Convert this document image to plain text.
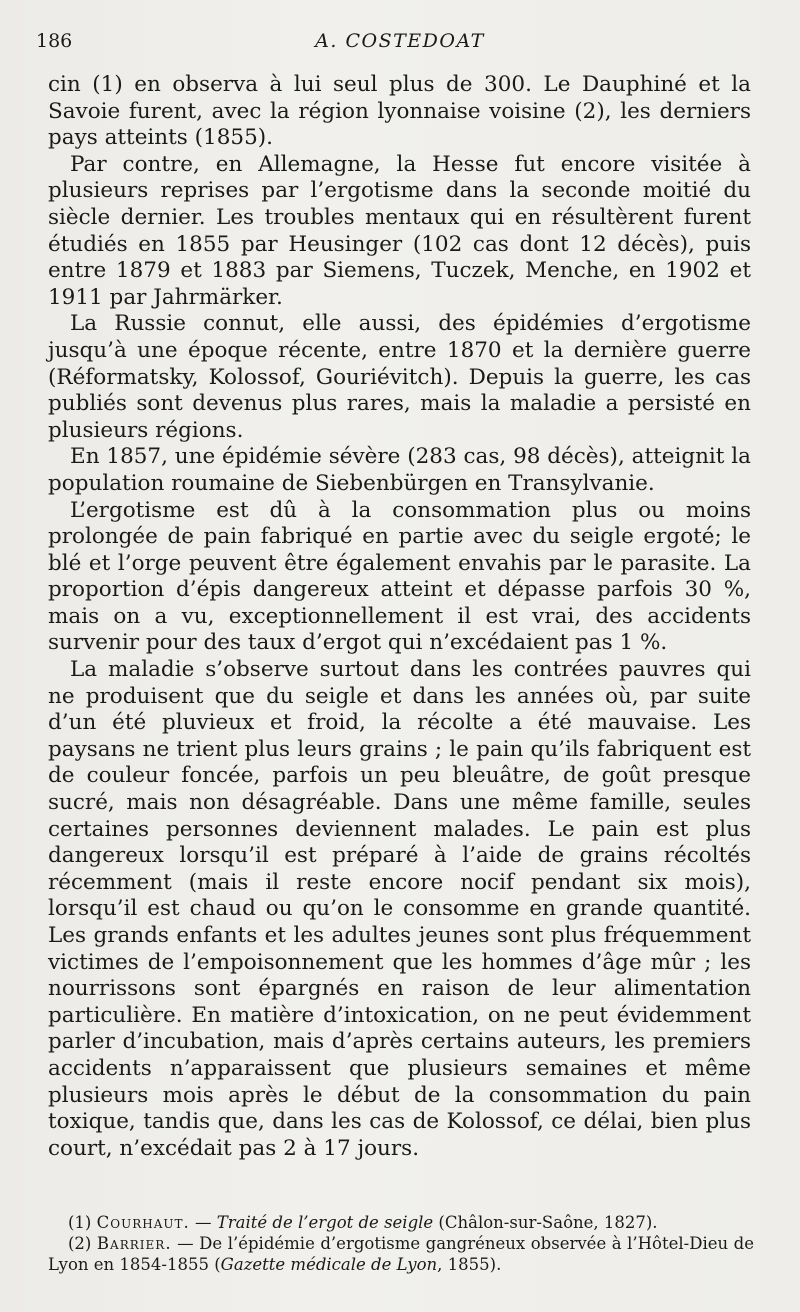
186	A. COSTEDOAT

cin (1) en observa à lui seul plus de 300. Le Dauphiné et la Savoie furent, avec la région lyonnaise voisine (2), les derniers pays atteints (1855).

Par contre, en Allemagne, la Hesse fut encore visitée à plusieurs reprises par l’ergotisme dans la seconde moitié du siècle dernier. Les troubles mentaux qui en résultèrent furent étudiés en 1855 par Heusinger (102 cas dont 12 décès), puis entre 1879 et 1883 par Siemens, Tuczek, Menche, en 1902 et 1911 par Jahrmärker.

La Russie connut, elle aussi, des épidémies d’ergotisme jusqu’à une époque récente, entre 1870 et la dernière guerre (Réformatsky, Kolossof, Gouriévitch). Depuis la guerre, les cas publiés sont devenus plus rares, mais la maladie a persisté en plusieurs régions.

En 1857, une épidémie sévère (283 cas, 98 décès), atteignit la population roumaine de Siebenbürgen en Transylvanie.

L’ergotisme est dû à la consommation plus ou moins prolongée de pain fabriqué en partie avec du seigle ergoté; le blé et l’orge peuvent être également envahis par le parasite. La proportion d’épis dangereux atteint et dépasse parfois 30 %, mais on a vu, exceptionnellement il est vrai, des accidents survenir pour des taux d’ergot qui n’excédaient pas 1 %.

La maladie s’observe surtout dans les contrées pauvres qui ne produisent que du seigle et dans les années où, par suite d’un été pluvieux et froid, la récolte a été mauvaise. Les paysans ne trient plus leurs grains ; le pain qu’ils fabriquent est de couleur foncée, parfois un peu bleuâtre, de goût presque sucré, mais non désagréable. Dans une même famille, seules certaines personnes deviennent malades. Le pain est plus dangereux lorsqu’il est préparé à l’aide de grains récoltés récemment (mais il reste encore nocif pendant six mois), lorsqu’il est chaud ou qu’on le consomme en grande quantité. Les grands enfants et les adultes jeunes sont plus fréquemment victimes de l’empoisonnement que les hommes d’âge mûr ; les nourrissons sont épargnés en raison de leur alimentation particulière. En matière d’intoxication, on ne peut évidemment parler d’incubation, mais d’après certains auteurs, les premiers accidents n’apparaissent que plusieurs semaines et même plusieurs mois après le début de la consommation du pain toxique, tandis que, dans les cas de Kolossof, ce délai, bien plus court, n’excédait pas 2 à 17 jours.

(1) Courhaut. — Traité de l’ergot de seigle (Châlon-sur-Saône, 1827).

(2) Barrier. — De l’épidémie d’ergotisme gangréneux observée à l’Hôtel-Dieu de Lyon en 1854-1855 (Gazette médicale de Lyon, 1855).
